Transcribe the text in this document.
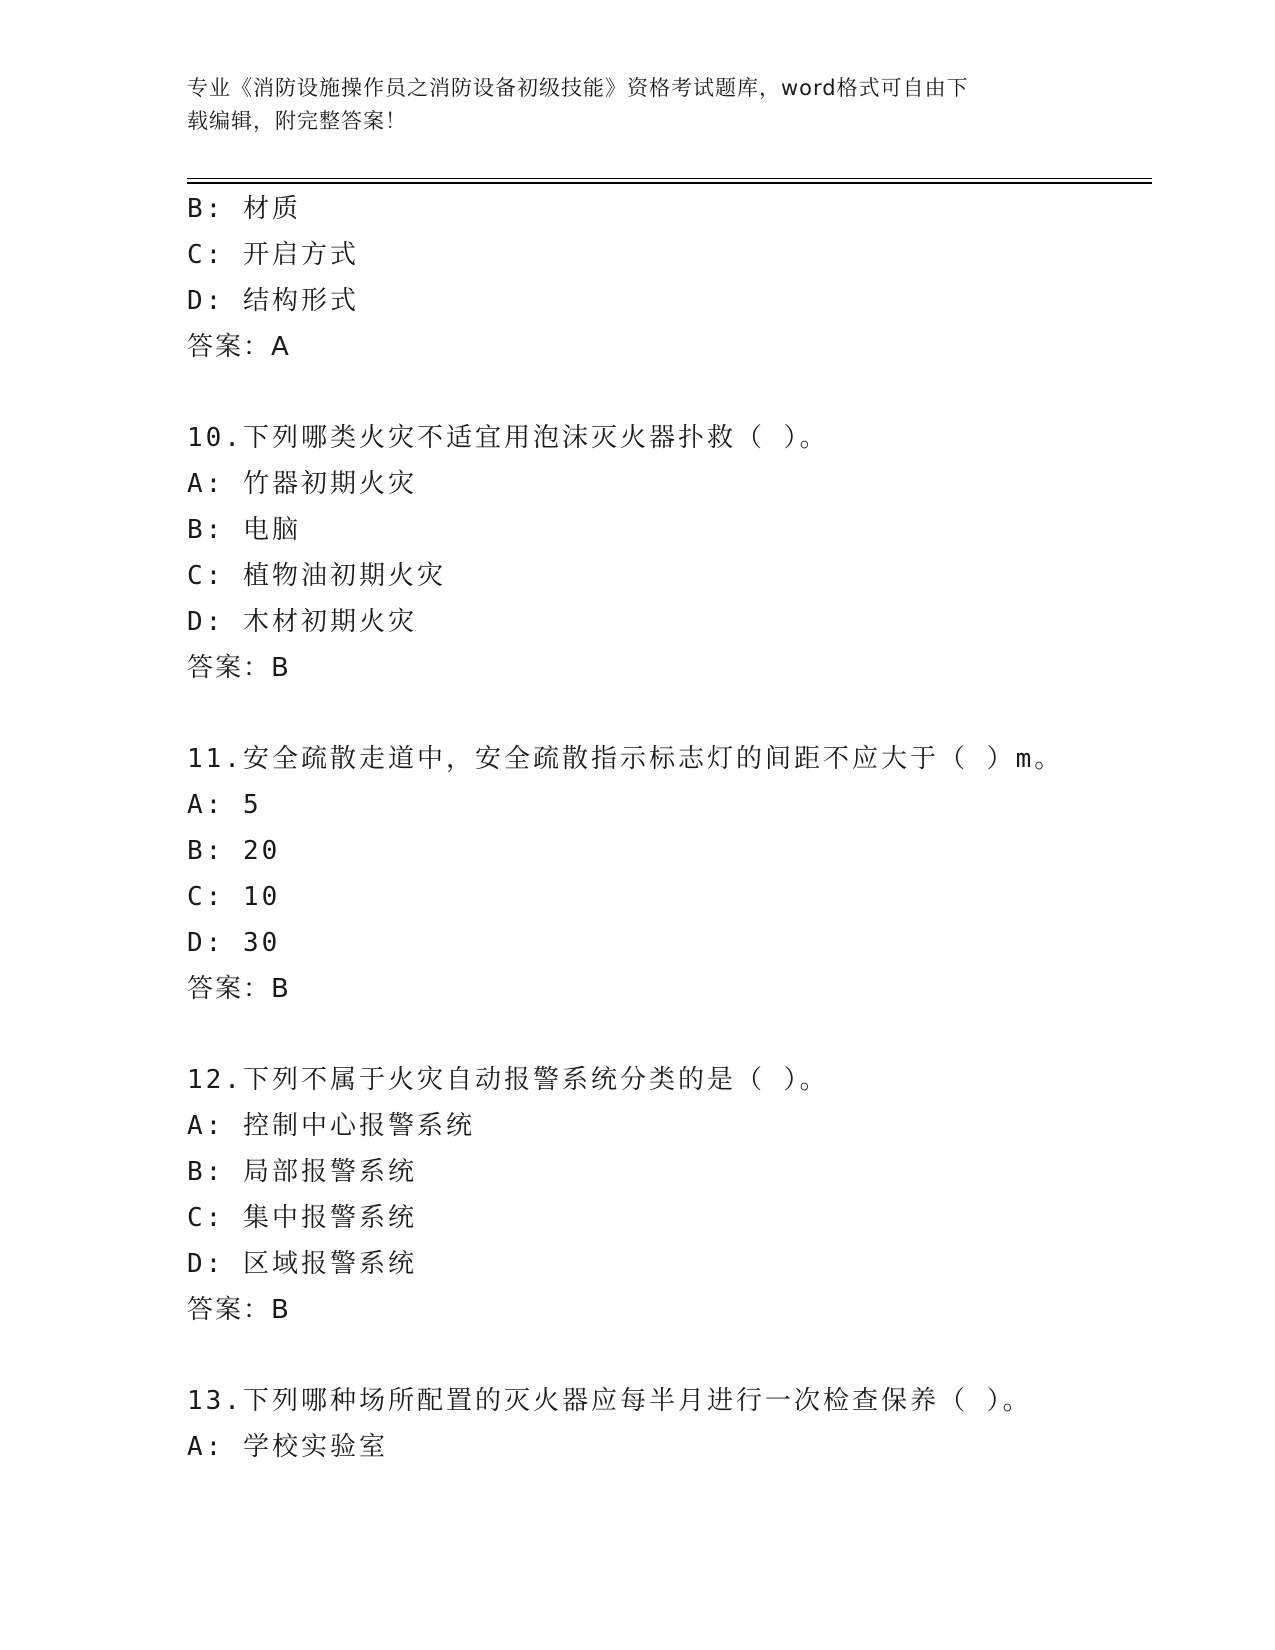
专业《消防设施操作员之消防设备初级技能》资格考试题库，word格式可自由下
载编辑，附完整答案！
B: 材质
C: 开启方式
D: 结构形式
答案：A
10.下列哪类火灾不适宜用泡沫灭火器扑救（ ）。
A: 竹器初期火灾
B: 电脑
C: 植物油初期火灾
D: 木材初期火灾
答案：B
11.安全疏散走道中，安全疏散指示标志灯的间距不应大于（ ）m。
A: 5
B: 20
C: 10
D: 30
答案：B
12.下列不属于火灾自动报警系统分类的是（ ）。
A: 控制中心报警系统
B: 局部报警系统
C: 集中报警系统
D: 区域报警系统
答案：B
13.下列哪种场所配置的灭火器应每半月进行一次检查保养（ ）。
A: 学校实验室
